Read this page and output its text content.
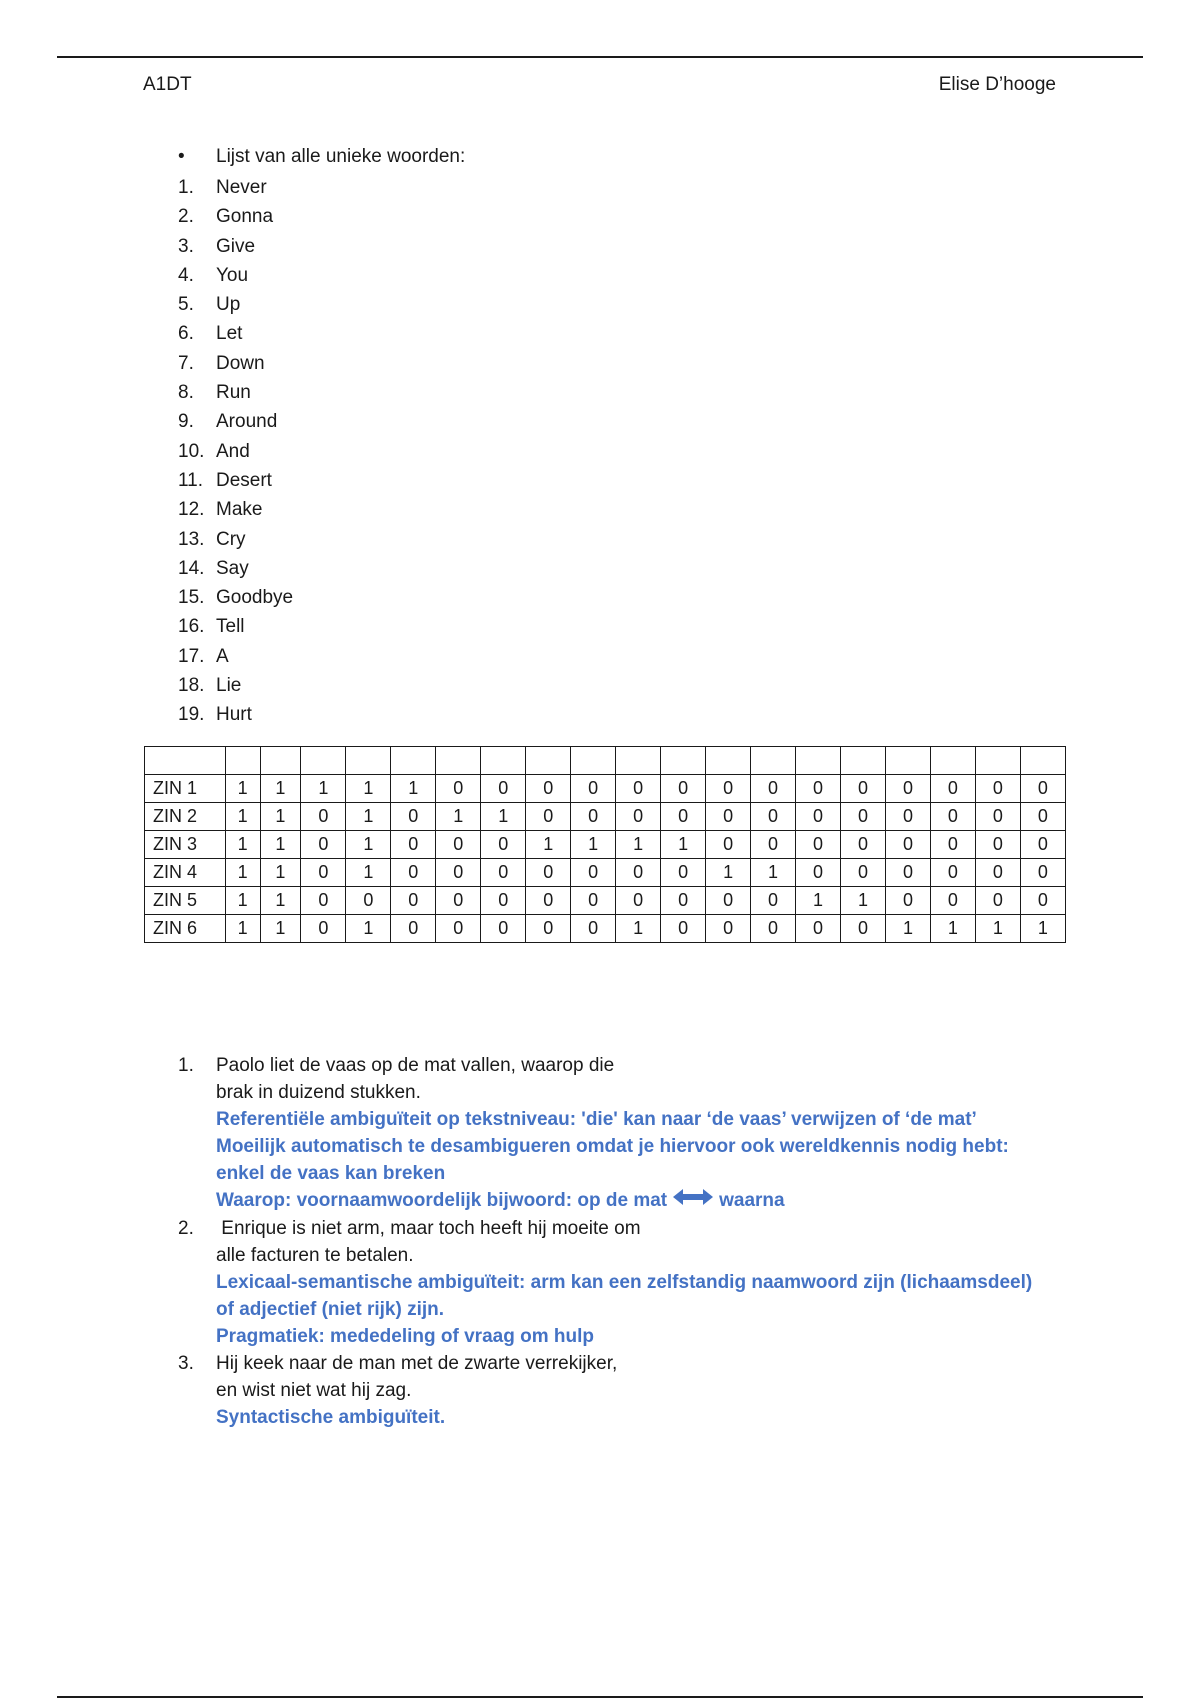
A1DT	Elise D’hooge
•	Lijst van alle unieke woorden:
1.	Never
2.	Gonna
3.	Give
4.	You
5.	Up
6.	Let
7.	Down
8.	Run
9.	Around
10. And
11. Desert
12. Make
13. Cry
14. Say
15. Goodbye
16. Tell
17. A
18. Lie
19. Hurt

ZIN 1	1	1	1	1	1	0	0	0	0	0	0	0	0	0	0	0	0	0	0
ZIN 2	1	1	0	1	0	1	1	0	0	0	0	0	0	0	0	0	0	0	0
ZIN 3	1	1	0	1	0	0	0	1	1	1	1	0	0	0	0	0	0	0	0
ZIN 4	1	1	0	1	0	0	0	0	0	0	0	1	1	0	0	0	0	0	0
ZIN 5	1	1	0	0	0	0	0	0	0	0	0	0	0	1	1	0	0	0	0
ZIN 6	1	1	0	1	0	0	0	0	0	1	0	0	0	0	0	1	1	1	1
1.	Paolo liet de vaas op de mat vallen, waarop die
brak in duizend stukken.
Referentiële ambiguïteit op tekstniveau: 'die' kan naar ‘de vaas’ verwijzen of ‘de mat’
Moeilijk automatisch te desambigueren omdat je hiervoor ook wereldkennis nodig hebt:
enkel de vaas kan breken
Waarop: voornaamwoordelijk bijwoord: op de mat	waarna
2.	Enrique is niet arm, maar toch heeft hij moeite om
alle facturen te betalen.
Lexicaal-semantische ambiguïteit: arm kan een zelfstandig naamwoord zijn (lichaamsdeel)
of adjectief (niet rijk) zijn.
Pragmatiek: mededeling of vraag om hulp
3.	Hij keek naar de man met de zwarte verrekijker,
en wist niet wat hij zag.
Syntactische ambiguïteit.
